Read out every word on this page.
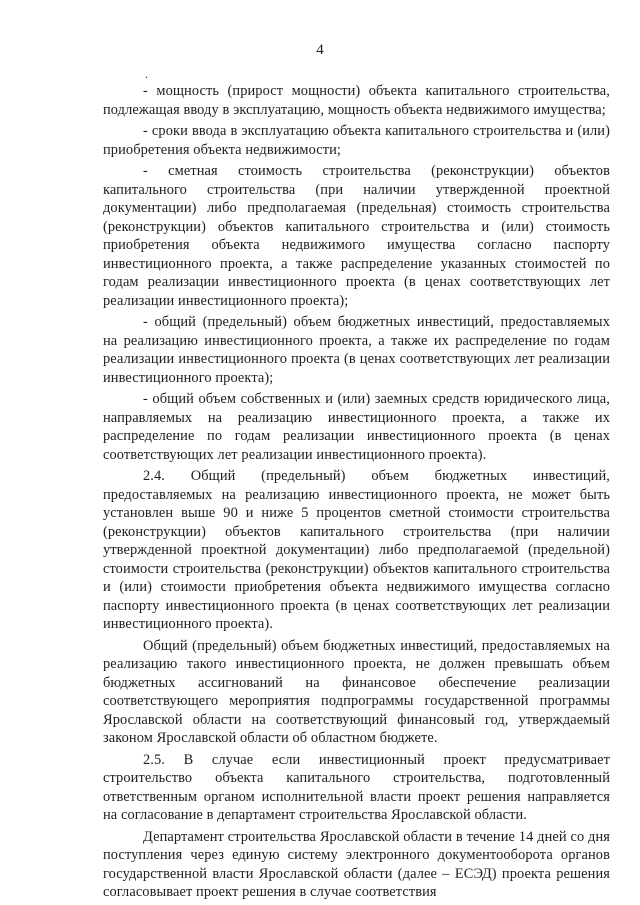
4
.

- мощность (прирост мощности) объекта капитального строительства, подлежащая вводу в эксплуатацию, мощность объекта недвижимого имущества;

- сроки ввода в эксплуатацию объекта капитального строительства и (или) приобретения объекта недвижимости;

- сметная стоимость строительства (реконструкции) объектов капитального строительства (при наличии утвержденной проектной документации) либо предполагаемая (предельная) стоимость строительства (реконструкции) объектов капитального строительства и (или) стоимость приобретения объекта недвижимого имущества согласно паспорту инвестиционного проекта, а также распределение указанных стоимостей по годам реализации инвестиционного проекта (в ценах соответствующих лет реализации инвестиционного проекта);

- общий (предельный) объем бюджетных инвестиций, предоставляемых на реализацию инвестиционного проекта, а также их распределение по годам реализации инвестиционного проекта (в ценах соответствующих лет реализации инвестиционного проекта);

- общий объем собственных и (или) заемных средств юридического лица, направляемых на реализацию инвестиционного проекта, а также их распределение по годам реализации инвестиционного проекта (в ценах соответствующих лет реализации инвестиционного проекта).

2.4. Общий (предельный) объем бюджетных инвестиций, предоставляемых на реализацию инвестиционного проекта, не может быть установлен выше 90 и ниже 5 процентов сметной стоимости строительства (реконструкции) объектов капитального строительства (при наличии утвержденной проектной документации) либо предполагаемой (предельной) стоимости строительства (реконструкции) объектов капитального строительства и (или) стоимости приобретения объекта недвижимого имущества согласно паспорту инвестиционного проекта (в ценах соответствующих лет реализации инвестиционного проекта).

Общий (предельный) объем бюджетных инвестиций, предоставляемых на реализацию такого инвестиционного проекта, не должен превышать объем бюджетных ассигнований на финансовое обеспечение реализации соответствующего мероприятия подпрограммы государственной программы Ярославской области на соответствующий финансовый год, утверждаемый законом Ярославской области об областном бюджете.

2.5. В случае если инвестиционный проект предусматривает строительство объекта капитального строительства, подготовленный ответственным органом исполнительной власти проект решения направляется на согласование в департамент строительства Ярославской области.

Департамент строительства Ярославской области в течение 14 дней со дня поступления через единую систему электронного документооборота органов государственной власти Ярославской области (далее – ЕСЭД) проекта решения согласовывает проект решения в случае соответствия
